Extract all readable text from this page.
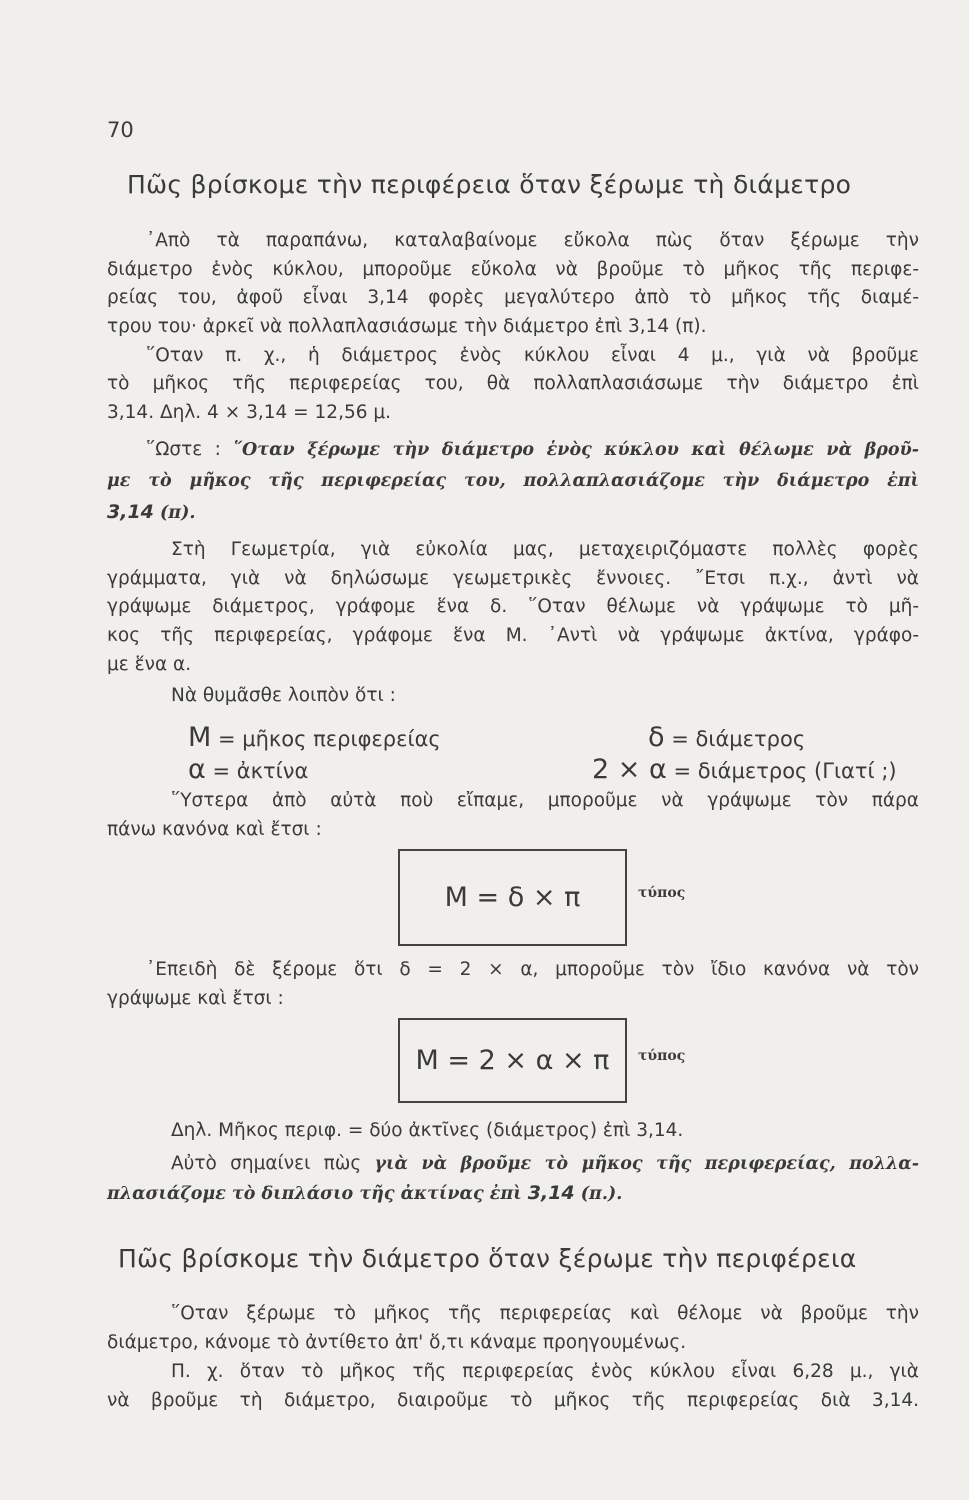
70
Πῶς βρίσκομε τὴν περιφέρεια ὅταν ξέρωμε τὴ διάμετρο

᾿Απὸ τὰ παραπάνω, καταλαβαίνομε εὔκολα πὼς ὅταν ξέρωμε τὴν

διάμετρο ἑνὸς κύκλου, μποροῦμε εὔκολα νὰ βροῦμε τὸ μῆκος τῆς περιφε-

ρείας του, ἀφοῦ εἶναι 3,14 φορὲς μεγαλύτερο ἀπὸ τὸ μῆκος τῆς διαμέ-

τρου του· ἀρκεῖ νὰ πολλαπλασιάσωμε τὴν διάμετρο ἐπὶ 3,14 (π).

῞Οταν π. χ., ἡ διάμετρος ἑνὸς κύκλου εἶναι 4 μ., γιὰ νὰ βροῦμε

τὸ μῆκος τῆς περιφερείας του, θὰ πολλαπλασιάσωμε τὴν διάμετρο ἐπὶ

3,14. Δηλ. 4 × 3,14 = 12,56 μ.

῞Ωστε : ῞Οταν ξέρωμε τὴν διάμετρο ἑνὸς κύκλου καὶ θέλωμε νὰ βροῦ-

με τὸ μῆκος τῆς περιφερείας του, πολλαπλασιάζομε τὴν διάμετρο ἐπὶ

3,14 (π).

Στὴ Γεωμετρία, γιὰ εὐκολία μας, μεταχειριζόμαστε πολλὲς φορὲς

γράμματα, γιὰ νὰ δηλώσωμε γεωμετρικὲς ἔννοιες. ῎Ετσι π.χ., ἀντὶ νὰ

γράψωμε διάμετρος, γράφομε ἕνα δ. ῞Οταν θέλωμε νὰ γράψωμε τὸ μῆ-

κος τῆς περιφερείας, γράφομε ἕνα Μ. ᾿Αντὶ νὰ γράψωμε ἀκτίνα, γράφο-

με ἕνα α.

Νὰ θυμᾶσθε λοιπὸν ὅτι :

Μ = μῆκος περιφερείας	δ = διάμετρος
α = ἀκτίνα	2 × α = διάμετρος (Γιατί ;)

῞Υστερα ἀπὸ αὐτὰ ποὺ εἴπαμε, μποροῦμε νὰ γράψωμε τὸν πάρα

πάνω κανόνα καὶ ἔτσι :

Μ = δ × π	τύπος

᾿Επειδὴ δὲ ξέρομε ὅτι δ = 2 × α, μποροῦμε τὸν ἴδιο κανόνα νὰ τὸν

γράψωμε καὶ ἔτσι :

Μ = 2 × α × π	τύπος

Δηλ. Μῆκος περιφ. = δύο ἀκτῖνες (διάμετρος) ἐπὶ 3,14.

Αὐτὸ σημαίνει πὼς γιὰ νὰ βροῦμε τὸ μῆκος τῆς περιφερείας, πολλα-

πλασιάζομε τὸ διπλάσιο τῆς ἀκτίνας ἐπὶ 3,14 (π.).

Πῶς βρίσκομε τὴν διάμετρο ὅταν ξέρωμε τὴν περιφέρεια

῞Οταν ξέρωμε τὸ μῆκος τῆς περιφερείας καὶ θέλομε νὰ βροῦμε τὴν

διάμετρο, κάνομε τὸ ἀντίθετο ἀπ' ὅ,τι κάναμε προηγουμένως.

Π. χ. ὅταν τὸ μῆκος τῆς περιφερείας ἑνὸς κύκλου εἶναι 6,28 μ., γιὰ

νὰ βροῦμε τὴ διάμετρο, διαιροῦμε τὸ μῆκος τῆς περιφερείας διὰ 3,14.
